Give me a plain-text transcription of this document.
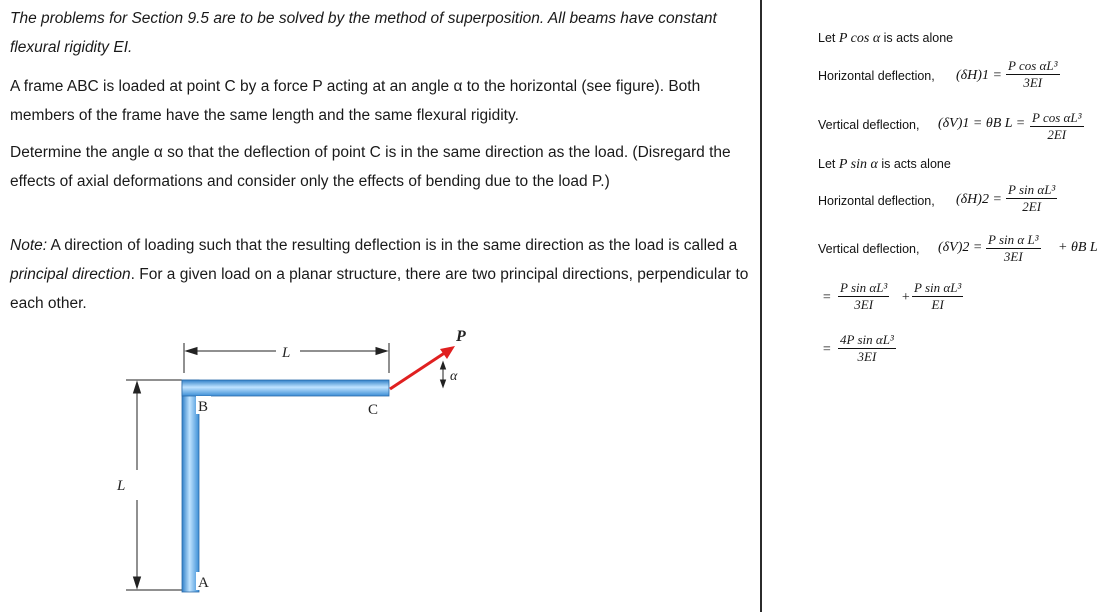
The problems for Section 9.5 are to be solved by the method of superposition. All beams have constant flexural rigidity EI.

A frame ABC is loaded at point C by a force P acting at an angle α to the horizontal (see figure). Both members of the frame have the same length and the same flexural rigidity.

Determine the angle α so that the deflection of point C is in the same direction as the load. (Disregard the effects of axial deformations and consider only the effects of bending due to the load P.)

Note: A direction of loading such that the resulting deflection is in the same direction as the load is called a principal direction. For a given load on a planar structure, there are two principal directions, perpendicular to each other.

L
L
B	C
A
P
α
Let P cos α is acts alone
Horizontal deflection, $(\delta H)1 = \frac{\text{P cos αL³}}{3EI}$
Vertical deflection, (δV)1 = θB $L = \frac{\text{P cos αL³}}{2EI}$
Let P sin α is acts alone
Horizontal deflection, $(\delta H)2 = \frac{\text{P sin αL³}}{2EI}$
Vertical deflection, $(\delta V)2 = \frac{\text{P sin α L³}}{3EI} + \theta B$ L
= $\frac{\text{P sin αL³}}{3EI} + \frac{\text{P sin αL³}}{EI}$
= $\frac{\text{4P sin αL³}}{3EI}$
